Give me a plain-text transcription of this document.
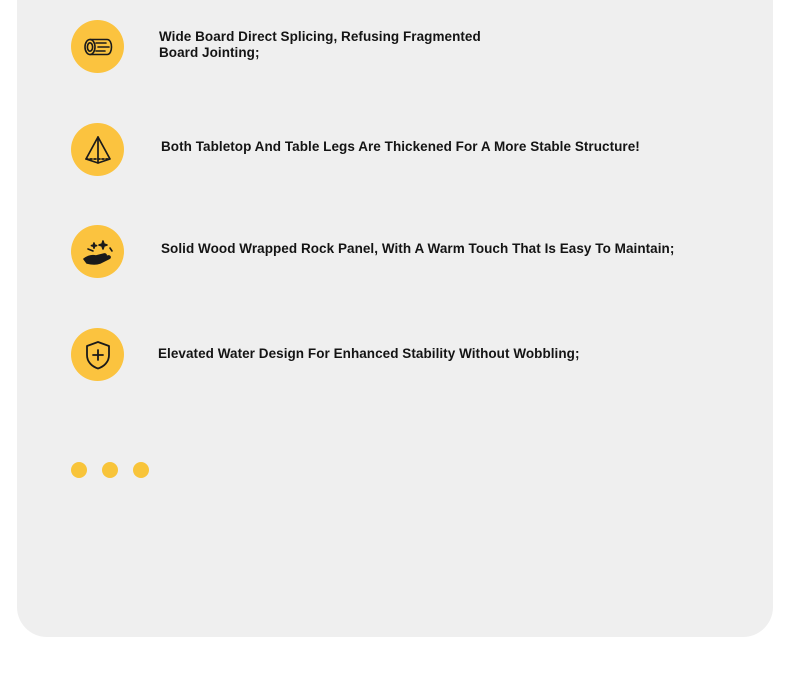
Wide Board Direct Splicing, Refusing Fragmented
Board Jointing;
Both Tabletop And Table Legs Are Thickened For A More Stable Structure!
Solid Wood Wrapped Rock Panel, With A Warm Touch That Is Easy To Maintain;
Elevated Water Design For Enhanced Stability Without Wobbling;
